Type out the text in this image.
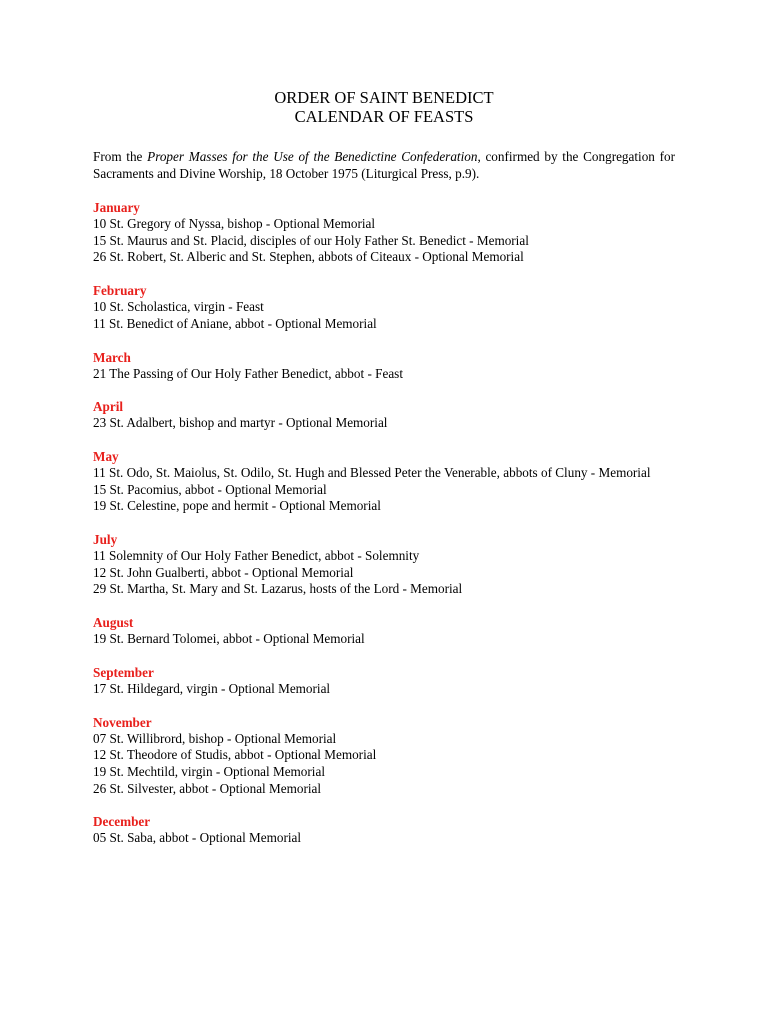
ORDER OF SAINT BENEDICT
CALENDAR OF FEASTS
From the Proper Masses for the Use of the Benedictine Confederation, confirmed by the Congregation for Sacraments and Divine Worship, 18 October 1975 (Liturgical Press, p.9).
January
10 St. Gregory of Nyssa, bishop - Optional Memorial
15 St. Maurus and St. Placid, disciples of our Holy Father St. Benedict - Memorial
26 St. Robert, St. Alberic and St. Stephen, abbots of Citeaux - Optional Memorial
February
10 St. Scholastica, virgin - Feast
11 St. Benedict of Aniane, abbot - Optional Memorial
March
21 The Passing of Our Holy Father Benedict, abbot - Feast
April
23 St. Adalbert, bishop and martyr - Optional Memorial
May
11 St. Odo, St. Maiolus, St. Odilo, St. Hugh and Blessed Peter the Venerable, abbots of Cluny - Memorial
15 St. Pacomius, abbot - Optional Memorial
19 St. Celestine, pope and hermit - Optional Memorial
July
11 Solemnity of Our Holy Father Benedict, abbot - Solemnity
12 St. John Gualberti, abbot - Optional Memorial
29 St. Martha, St. Mary and St. Lazarus, hosts of the Lord - Memorial
August
19 St. Bernard Tolomei, abbot - Optional Memorial
September
17 St. Hildegard, virgin - Optional Memorial
November
07 St. Willibrord, bishop - Optional Memorial
12 St. Theodore of Studis, abbot - Optional Memorial
19 St. Mechtild, virgin - Optional Memorial
26 St. Silvester, abbot - Optional Memorial
December
05 St. Saba, abbot - Optional Memorial
